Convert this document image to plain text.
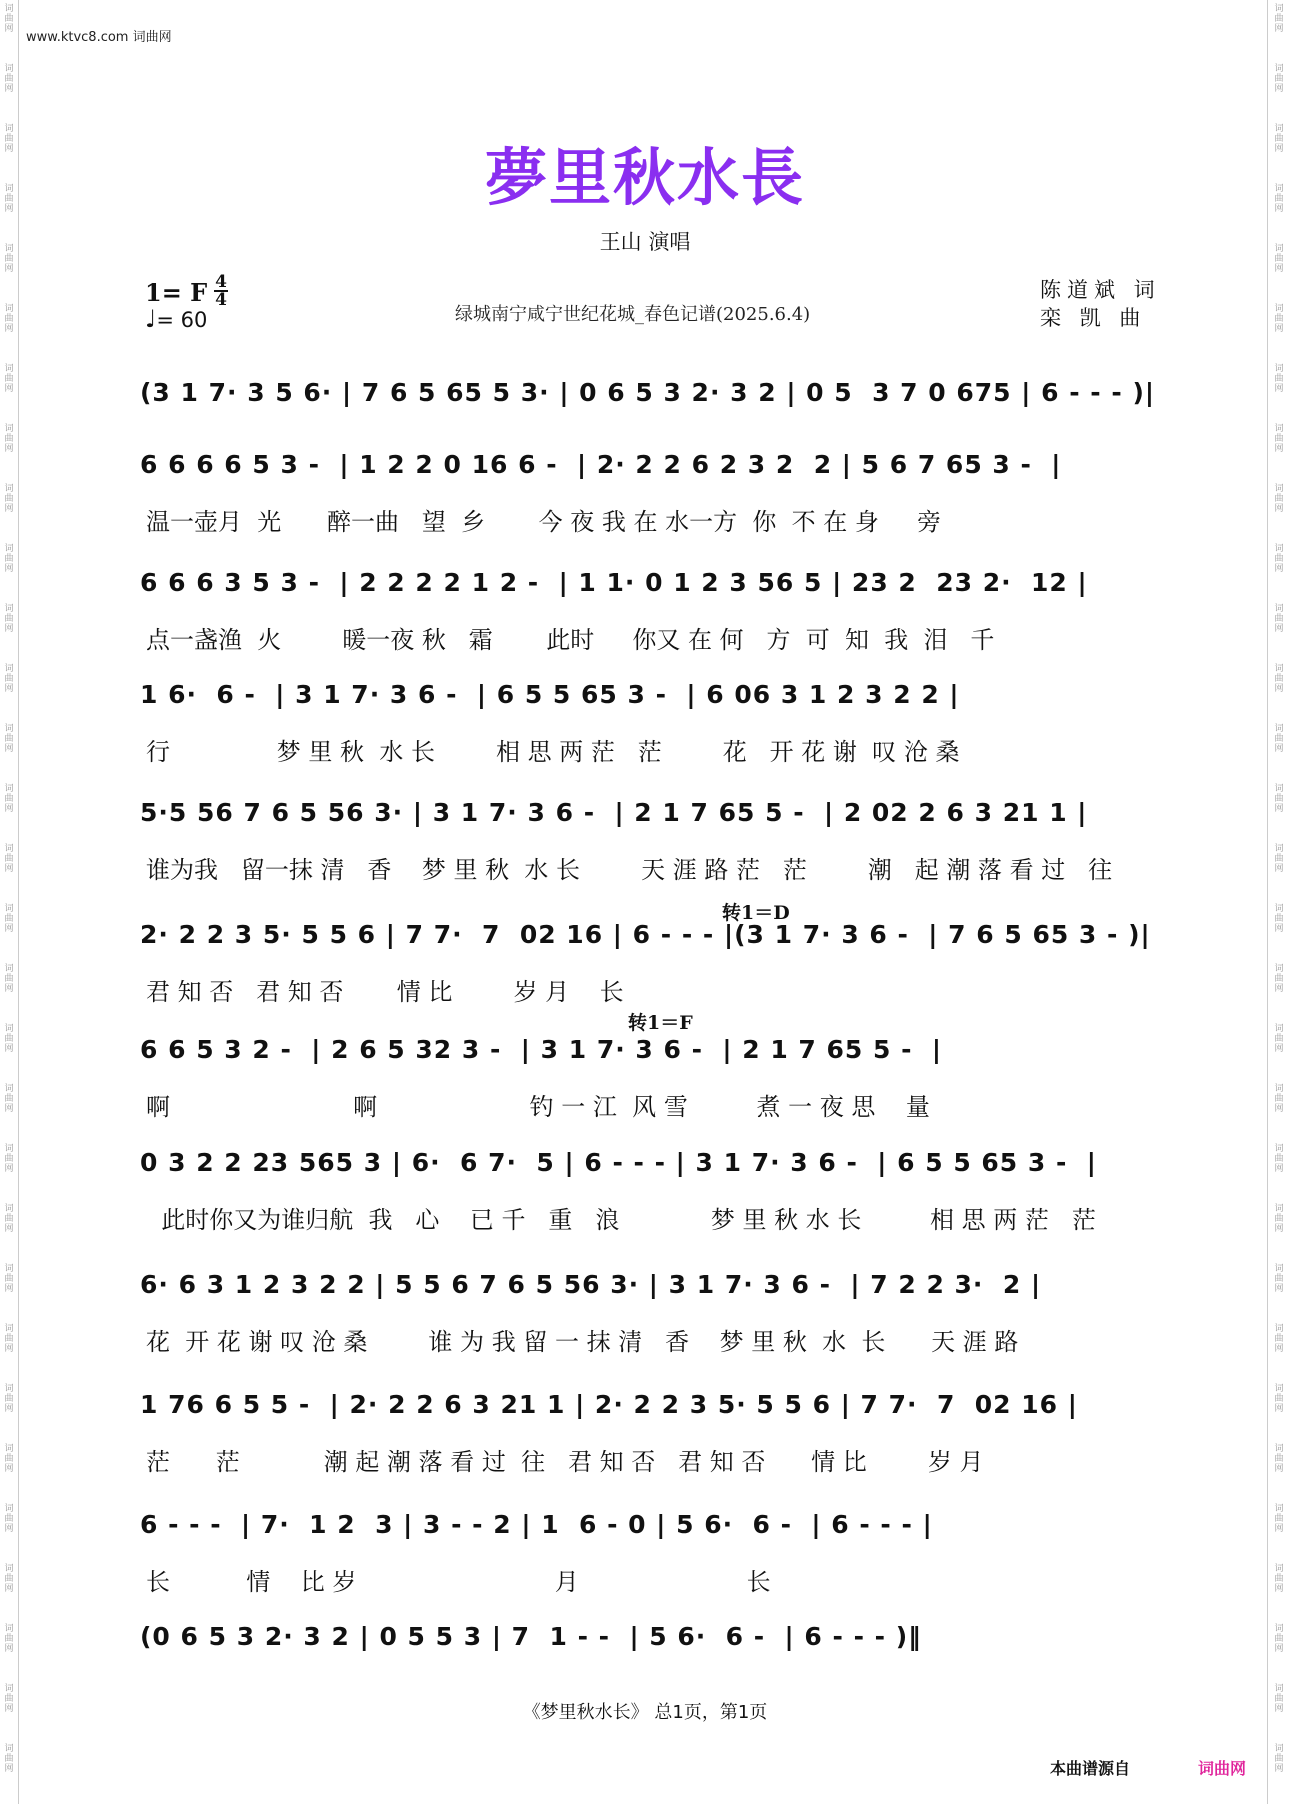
词曲网
词曲网
词曲网
词曲网
词曲网
词曲网
词曲网
词曲网
词曲网
词曲网
词曲网
词曲网
词曲网
词曲网
词曲网
词曲网
词曲网
词曲网
词曲网
词曲网
词曲网
词曲网
词曲网
词曲网
词曲网
词曲网
词曲网
词曲网
词曲网
词曲网
词曲网
词曲网
词曲网
词曲网
词曲网
词曲网
词曲网
词曲网
词曲网
词曲网
词曲网
词曲网
词曲网
词曲网
词曲网
词曲网
词曲网
词曲网
词曲网
词曲网
词曲网
词曲网
词曲网
词曲网
词曲网
词曲网
词曲网
词曲网
词曲网
词曲网
www.ktvc8.com 词曲网
夢里秋水長
王山 演唱
1= F 4
4
♩= 60	绿城南宁咸宁世纪花城_春色记谱(2025.6.4)
陈道斌 词
栾 凯 曲
(3 1 7· 3 5 6· | 7 6 5 65 5 3· | 0 6 5 3 2· 3 2 | 0 5  3 7 0 675 | 6 - - - )|
6 6 6 6 5 3 -  | 1 2 2 0 16 6 -  | 2· 2 2 6 2 3 2  2 | 5 6 7 65 3 -  |
温一壶月  光      醉一曲   望  乡       今 夜 我 在 水一方  你  不 在 身     旁
6 6 6 3 5 3 -  | 2 2 2 2 1 2 -  | 1 1· 0 1 2 3 56 5 | 23 2  23 2·  12 |
点一盏渔  火        暖一夜 秋   霜       此时     你又 在 何   方  可  知  我  泪   千
1 6·  6 -  | 3 1 7· 3 6 -  | 6 5 5 65 3 -  | 6 06 3 1 2 3 2 2 |
行              梦 里 秋  水 长        相 思 两 茫   茫        花   开 花 谢  叹 沧 桑
5·5 56 7 6 5 56 3· | 3 1 7· 3 6 -  | 2 1 7 65 5 -  | 2 02 2 6 3 21 1 |
谁为我   留一抹 清   香    梦 里 秋  水 长        天 涯 路 茫   茫        潮   起 潮 落 看 过   往
2· 2 2 3 5· 5 5 6 | 7 7·  7  02 16 | 6 - - - |(3 1 7· 3 6 -  | 7 6 5 65 3 - )|
君 知 否   君 知 否       情 比        岁 月    长
6 6 5 3 2 -  | 2 6 5 32 3 -  | 3 1 7· 3 6 -  | 2 1 7 65 5 -  |
啊                        啊                    钓 一 江  风 雪         煮 一 夜 思    量
0 3 2 2 23 565 3 | 6·  6 7·  5 | 6 - - - | 3 1 7· 3 6 -  | 6 5 5 65 3 -  |
此时你又为谁归航  我   心    已 千   重   浪            梦 里 秋 水 长         相 思 两 茫   茫
6· 6 3 1 2 3 2 2 | 5 5 6 7 6 5 56 3· | 3 1 7· 3 6 -  | 7 2 2 3·  2 |
花  开 花 谢 叹 沧 桑        谁 为 我 留 一 抹 清   香    梦 里 秋  水  长      天 涯 路
1 76 6 5 5 -  | 2· 2 2 6 3 21 1 | 2· 2 2 3 5· 5 5 6 | 7 7·  7  02 16 |
茫      茫           潮 起 潮 落 看 过  往   君 知 否   君 知 否      情 比        岁 月
6 - - -  | 7·  1 2  3 | 3 - - 2 | 1  6 - 0 | 5 6·  6 -  | 6 - - - |
长          情    比 岁                          月                      长
(0 6 5 3 2· 3 2 | 0 5 5 3 | 7  1 - -  | 5 6·  6 -  | 6 - - - )‖
转1＝D
转1＝F
《梦里秋水长》 总1页，第1页
本曲谱源自	词曲网
